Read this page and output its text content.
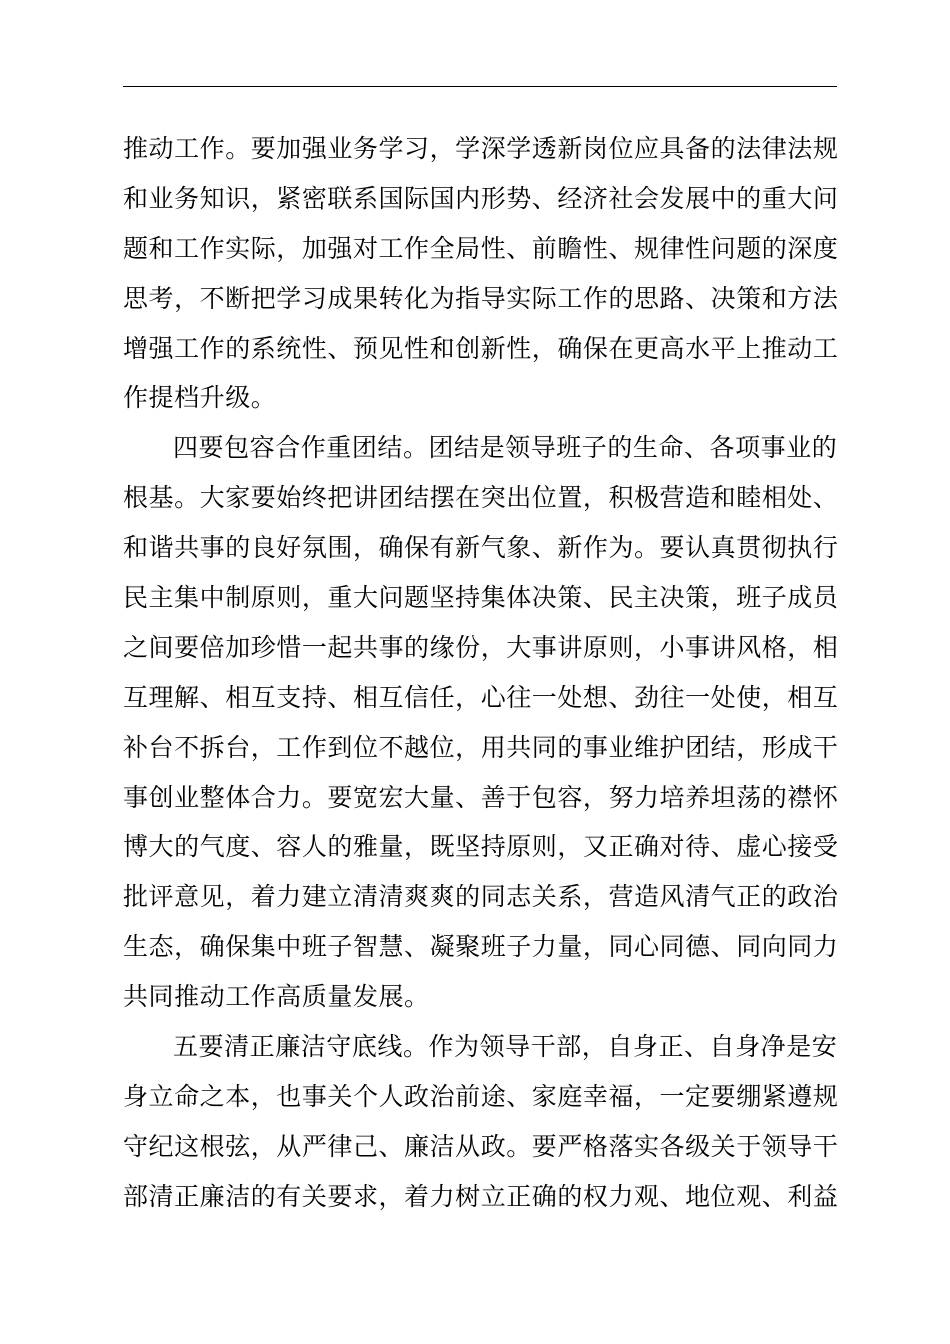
推动工作。要加强业务学习，学深学透新岗位应具备的法律法规
和业务知识，紧密联系国际国内形势、经济社会发展中的重大问
题和工作实际，加强对工作全局性、前瞻性、规律性问题的深度
思考，不断把学习成果转化为指导实际工作的思路、决策和方法
增强工作的系统性、预见性和创新性，确保在更高水平上推动工
作提档升级。
四要包容合作重团结。团结是领导班子的生命、各项事业的
根基。大家要始终把讲团结摆在突出位置，积极营造和睦相处、
和谐共事的良好氛围，确保有新气象、新作为。要认真贯彻执行
民主集中制原则，重大问题坚持集体决策、民主决策，班子成员
之间要倍加珍惜一起共事的缘份，大事讲原则，小事讲风格，相
互理解、相互支持、相互信任，心往一处想、劲往一处使，相互
补台不拆台，工作到位不越位，用共同的事业维护团结，形成干
事创业整体合力。要宽宏大量、善于包容，努力培养坦荡的襟怀
博大的气度、容人的雅量，既坚持原则，又正确对待、虚心接受
批评意见，着力建立清清爽爽的同志关系，营造风清气正的政治
生态，确保集中班子智慧、凝聚班子力量，同心同德、同向同力
共同推动工作高质量发展。
五要清正廉洁守底线。作为领导干部，自身正、自身净是安
身立命之本，也事关个人政治前途、家庭幸福，一定要绷紧遵规
守纪这根弦，从严律己、廉洁从政。要严格落实各级关于领导干
部清正廉洁的有关要求，着力树立正确的权力观、地位观、利益
